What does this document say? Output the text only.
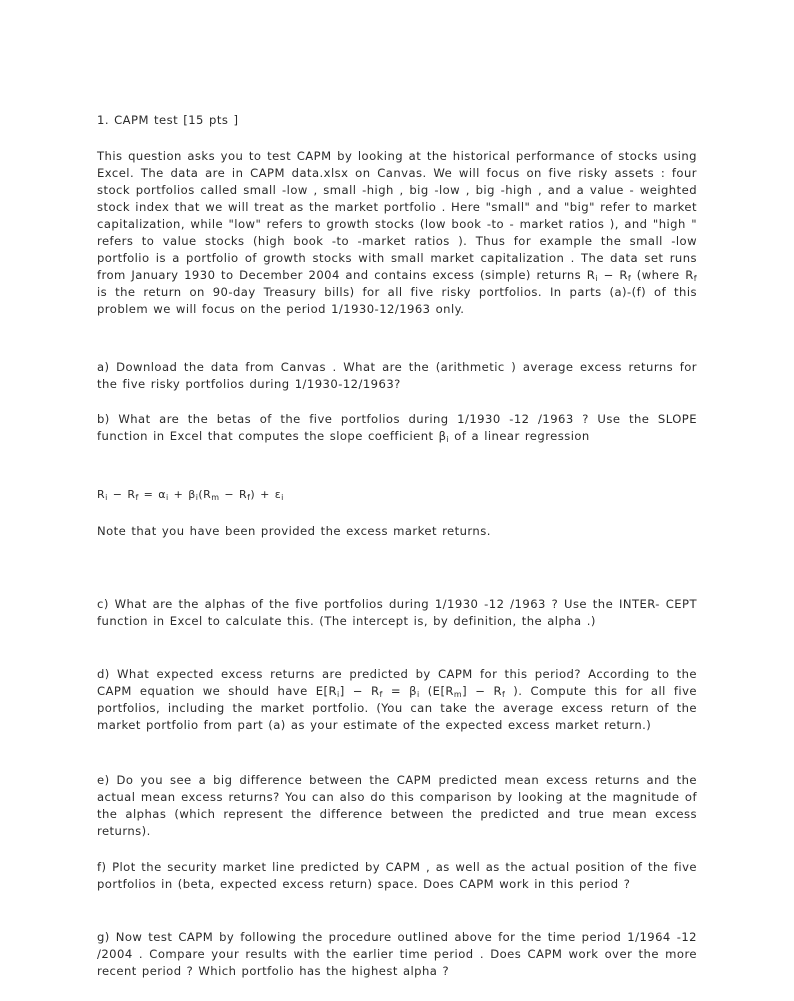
1. CAPM test [15 pts ]
This question asks you to test CAPM by looking at the historical performance of stocks using Excel. The data are in CAPM data.xlsx on Canvas. We will focus on five risky assets : four stock portfolios called small -low , small -high , big -low , big -high , and a value - weighted stock index that we will treat as the market portfolio . Here "small" and "big" refer to market capitalization, while "low" refers to growth stocks (low book -to - market ratios ), and "high " refers to value stocks (high book -to -market ratios ). Thus for example the small -low portfolio is a portfolio of growth stocks with small market capitalization . The data set runs from January 1930 to December 2004 and contains excess (simple) returns $R_i - R_f$ (where $R_f$ is the return on 90-day Treasury bills) for all five risky portfolios. In parts (a)-(f) of this problem we will focus on the period 1/1930-12/1963 only.
a) Download the data from Canvas . What are the (arithmetic ) average excess returns for the five risky portfolios during 1/1930-12/1963?
b) What are the betas of the five portfolios during 1/1930 -12 /1963 ? Use the SLOPE function in Excel that computes the slope coefficient $\beta_i$ of a linear regression
$R_i - R_f = \alpha_i + \beta_i(R_m - R_f) + \varepsilon_i$
Note that you have been provided the excess market returns.
c) What are the alphas of the five portfolios during 1/1930 -12 /1963 ? Use the INTER- CEPT function in Excel to calculate this. (The intercept is, by definition, the alpha .)
d) What expected excess returns are predicted by CAPM for this period? According to the CAPM equation we should have $E[R_i] - R_f = \beta_i$ ($E[R_m] - R_f$ ). Compute this for all five portfolios, including the market portfolio. (You can take the average excess return of the market portfolio from part (a) as your estimate of the expected excess market return.)
e) Do you see a big difference between the CAPM predicted mean excess returns and the actual mean excess returns? You can also do this comparison by looking at the magnitude of the alphas (which represent the difference between the predicted and true mean excess returns).
f) Plot the security market line predicted by CAPM , as well as the actual position of the five portfolios in (beta, expected excess return) space. Does CAPM work in this period ?
g) Now test CAPM by following the procedure outlined above for the time period 1/1964 -12 /2004 . Compare your results with the earlier time period . Does CAPM work over the more recent period ? Which portfolio has the highest alpha ?
